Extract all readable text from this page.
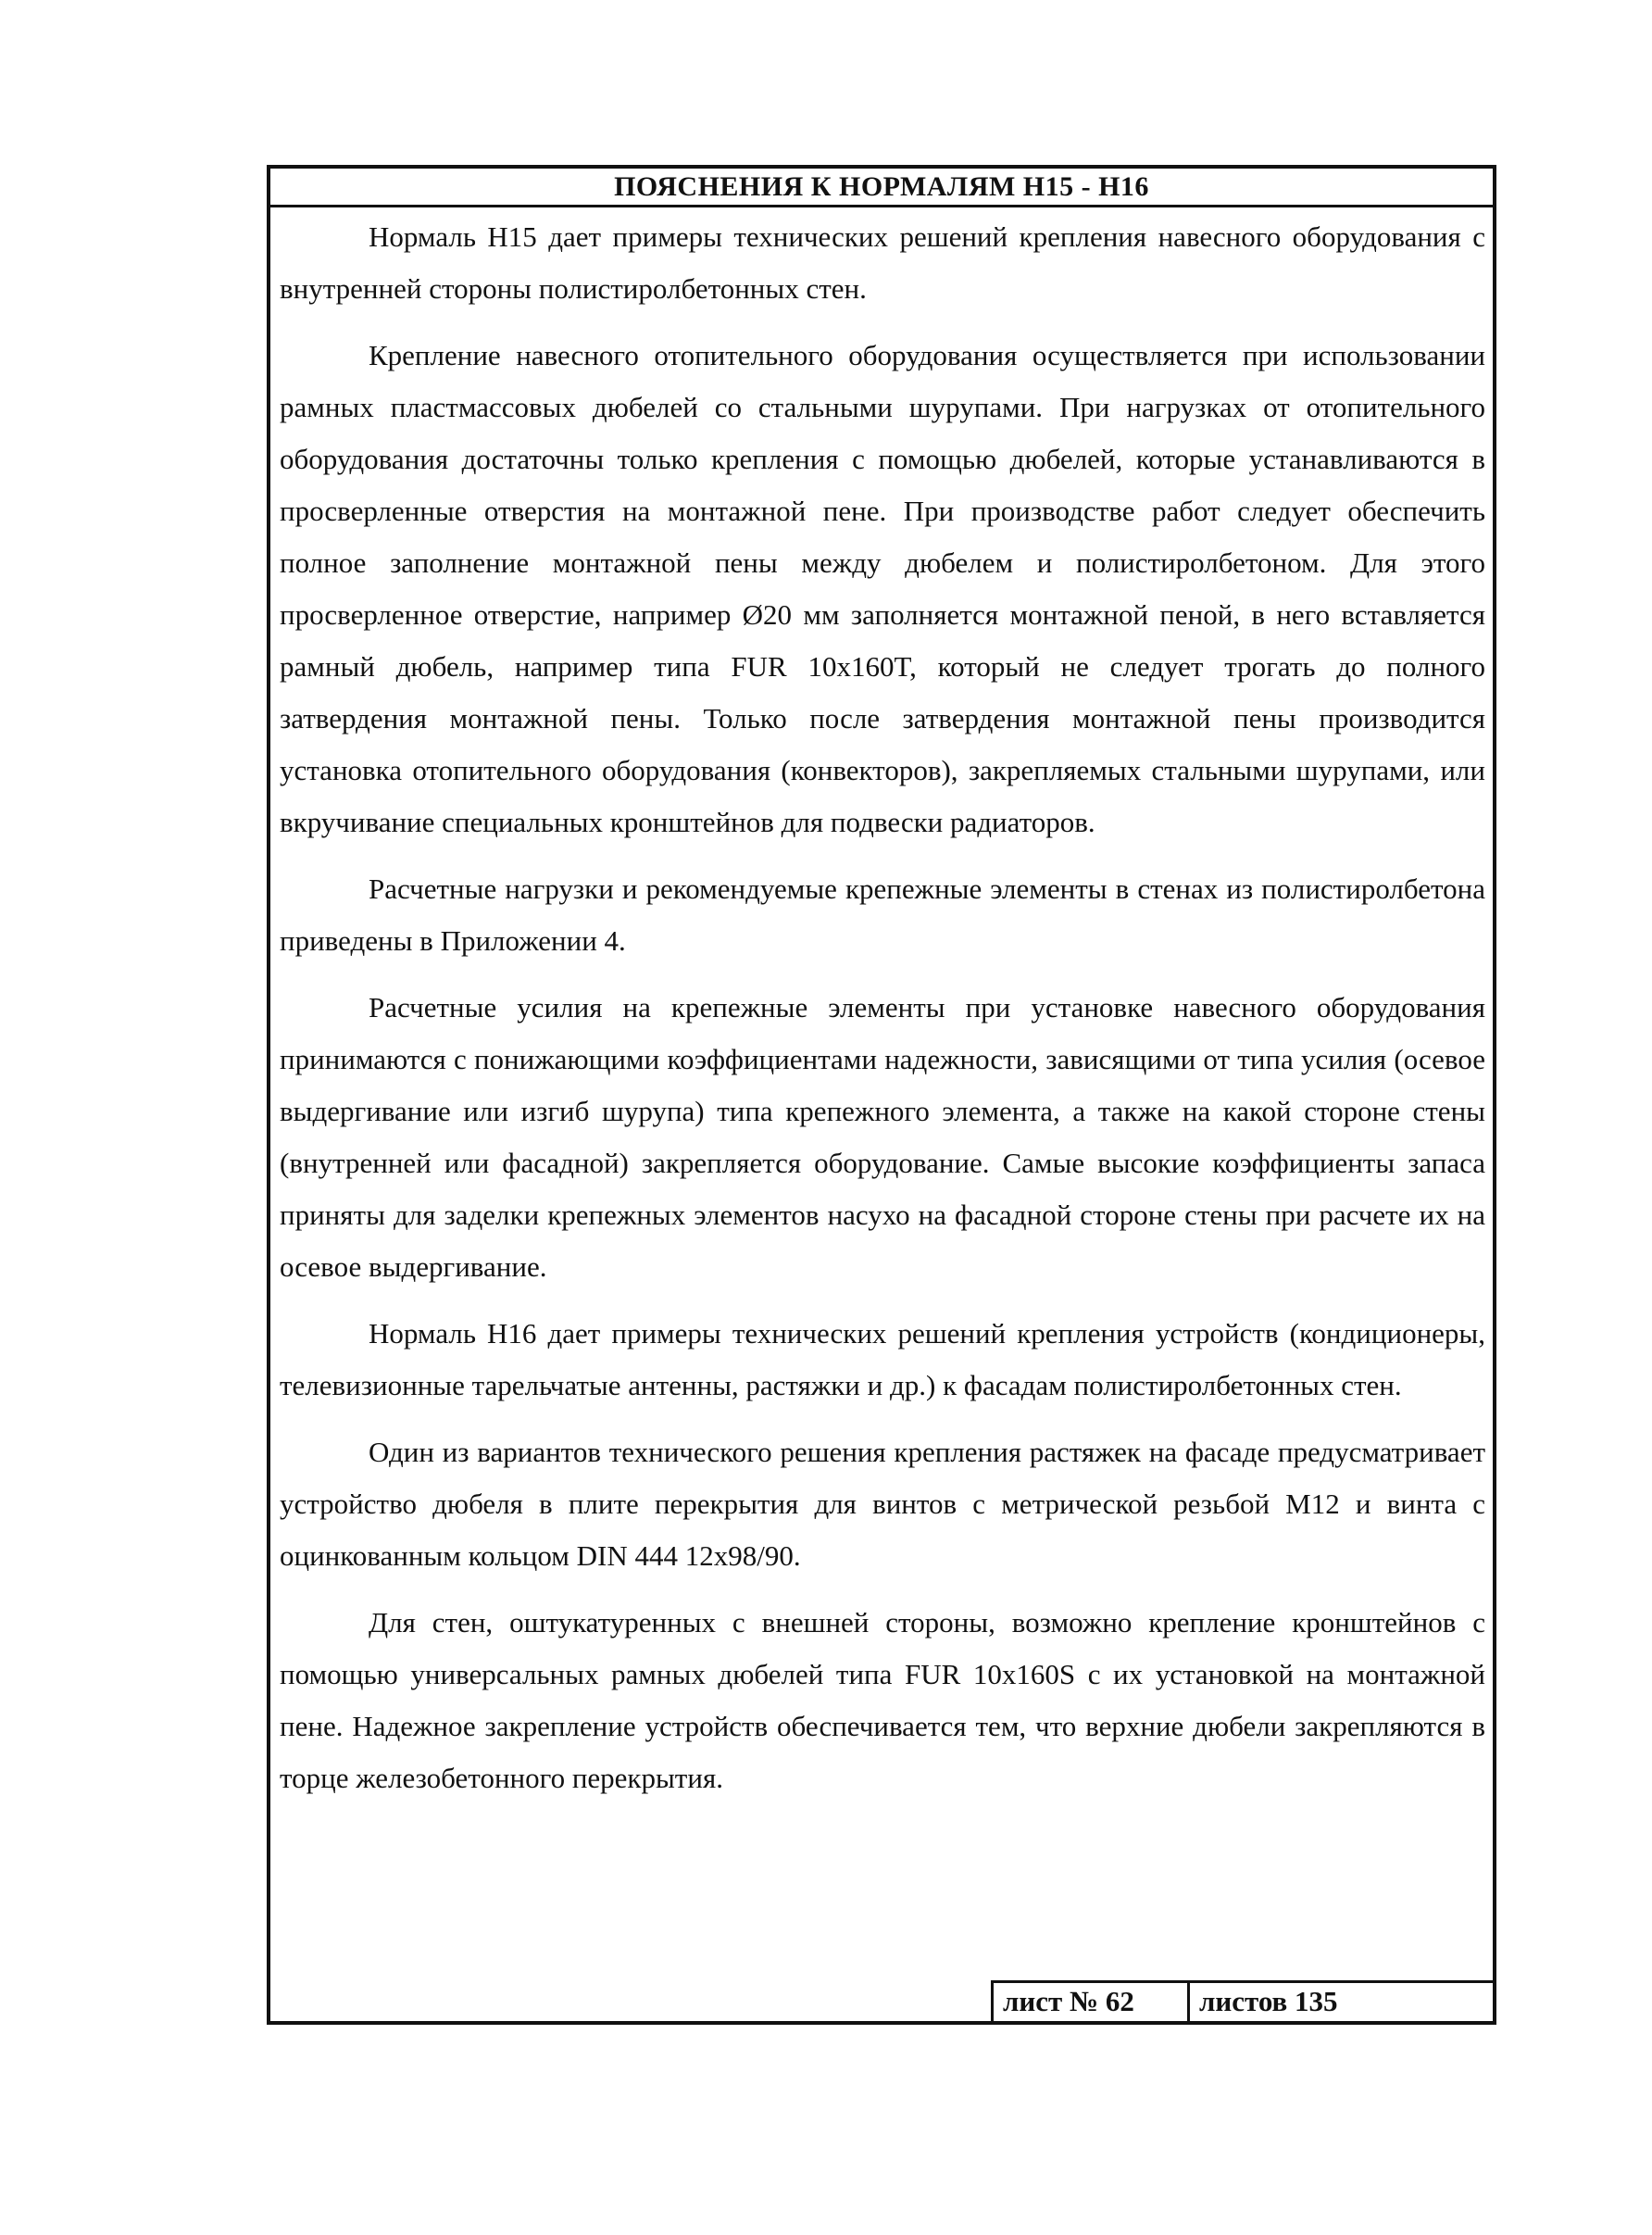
ПОЯСНЕНИЯ К НОРМАЛЯМ Н15 - Н16

Нормаль Н15 дает примеры технических решений крепления навесного оборудования с внутренней стороны полистиролбетонных стен.

Крепление навесного отопительного оборудования осуществляется при использовании рамных пластмассовых дюбелей со стальными шурупами. При нагрузках от отопительного оборудования достаточны только крепления с помощью дюбелей, которые устанавливаются в просверленные отверстия на монтажной пене. При производстве работ следует обеспечить полное заполнение монтажной пены между дюбелем и полистиролбетоном. Для этого просверленное отверстие, например Ø20 мм заполняется монтажной пеной, в него вставляется рамный дюбель, например типа FUR 10x160T, который не следует трогать до полного затвердения монтажной пены. Только после затвердения монтажной пены производится установка отопительного оборудования (конвекторов), закрепляемых стальными шурупами, или вкручивание специальных кронштейнов для подвески радиаторов.

Расчетные нагрузки и рекомендуемые крепежные элементы в стенах из полистиролбетона приведены в Приложении 4.

Расчетные усилия на крепежные элементы при установке навесного оборудования принимаются с понижающими коэффициентами надежности, зависящими от типа усилия (осевое выдергивание или изгиб шурупа) типа крепежного элемента, а также на какой стороне стены (внутренней или фасадной) закрепляется оборудование. Самые высокие коэффициенты запаса приняты для заделки крепежных элементов насухо на фасадной стороне стены при расчете их на осевое выдергивание.

Нормаль Н16 дает примеры технических решений крепления устройств (кондиционеры, телевизионные тарельчатые антенны, растяжки и др.) к фасадам полистиролбетонных стен.

Один из вариантов технического решения крепления растяжек на фасаде предусматривает устройство дюбеля в плите перекрытия для винтов с метрической резьбой М12 и винта с оцинкованным кольцом DIN 444 12x98/90.

Для стен, оштукатуренных с внешней стороны, возможно крепление кронштейнов с помощью универсальных рамных дюбелей типа FUR 10x160S с их установкой на монтажной пене. Надежное закрепление устройств обеспечивается тем, что верхние дюбели закрепляются в торце железобетонного перекрытия.

лист № 62	листов 135
